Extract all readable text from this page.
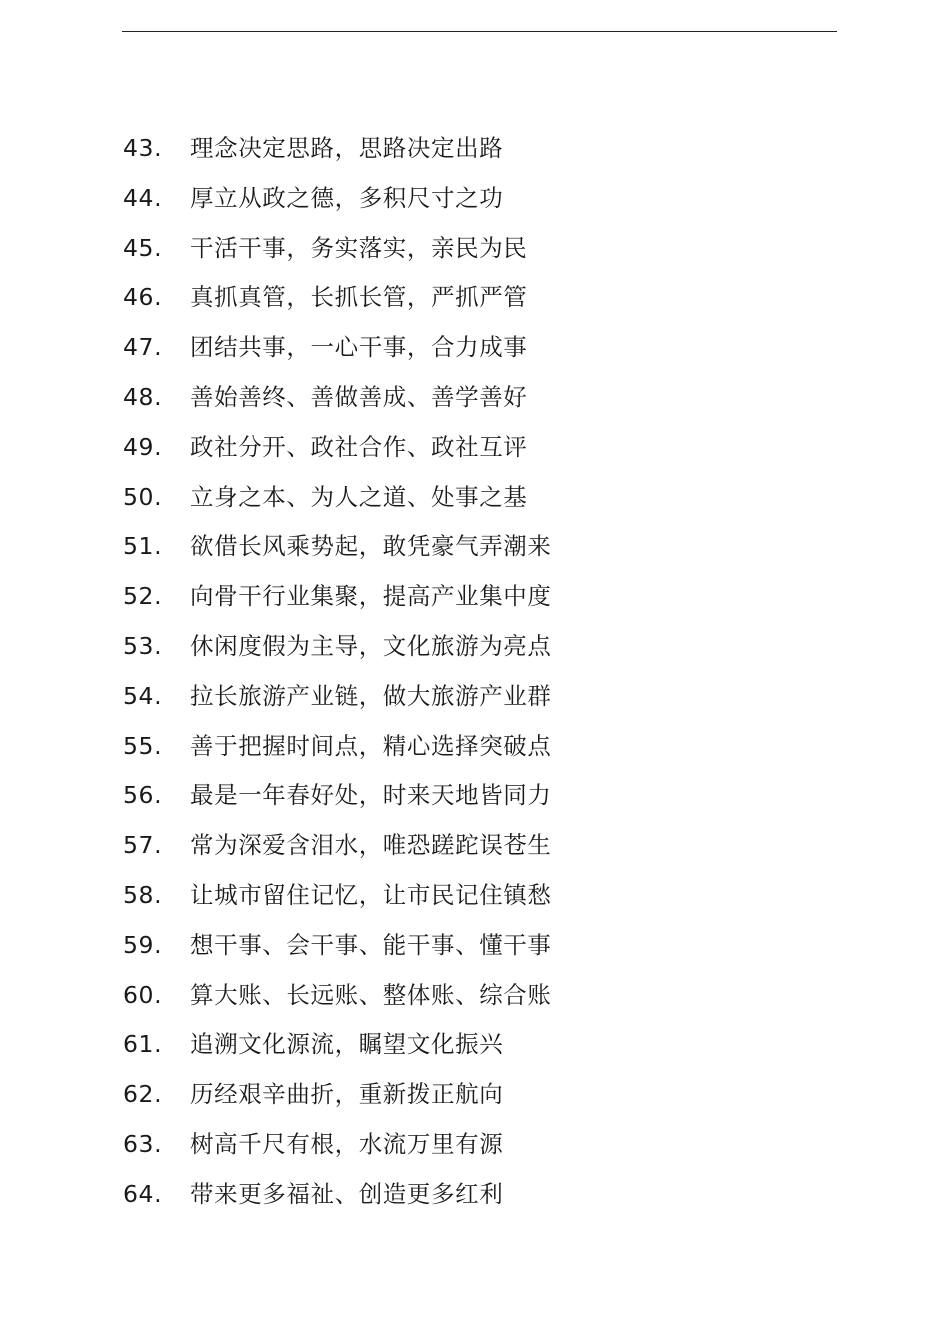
43. 理念决定思路，思路决定出路
44. 厚立从政之德，多积尺寸之功
45. 干活干事，务实落实，亲民为民
46. 真抓真管，长抓长管，严抓严管
47. 团结共事，一心干事，合力成事
48. 善始善终、善做善成、善学善好
49. 政社分开、政社合作、政社互评
50. 立身之本、为人之道、处事之基
51. 欲借长风乘势起，敢凭豪气弄潮来
52. 向骨干行业集聚，提高产业集中度
53. 休闲度假为主导，文化旅游为亮点
54. 拉长旅游产业链，做大旅游产业群
55. 善于把握时间点，精心选择突破点
56. 最是一年春好处，时来天地皆同力
57. 常为深爱含泪水，唯恐蹉跎误苍生
58. 让城市留住记忆，让市民记住镇愁
59. 想干事、会干事、能干事、懂干事
60. 算大账、长远账、整体账、综合账
61. 追溯文化源流，瞩望文化振兴
62. 历经艰辛曲折，重新拨正航向
63. 树高千尺有根，水流万里有源
64. 带来更多福祉、创造更多红利
